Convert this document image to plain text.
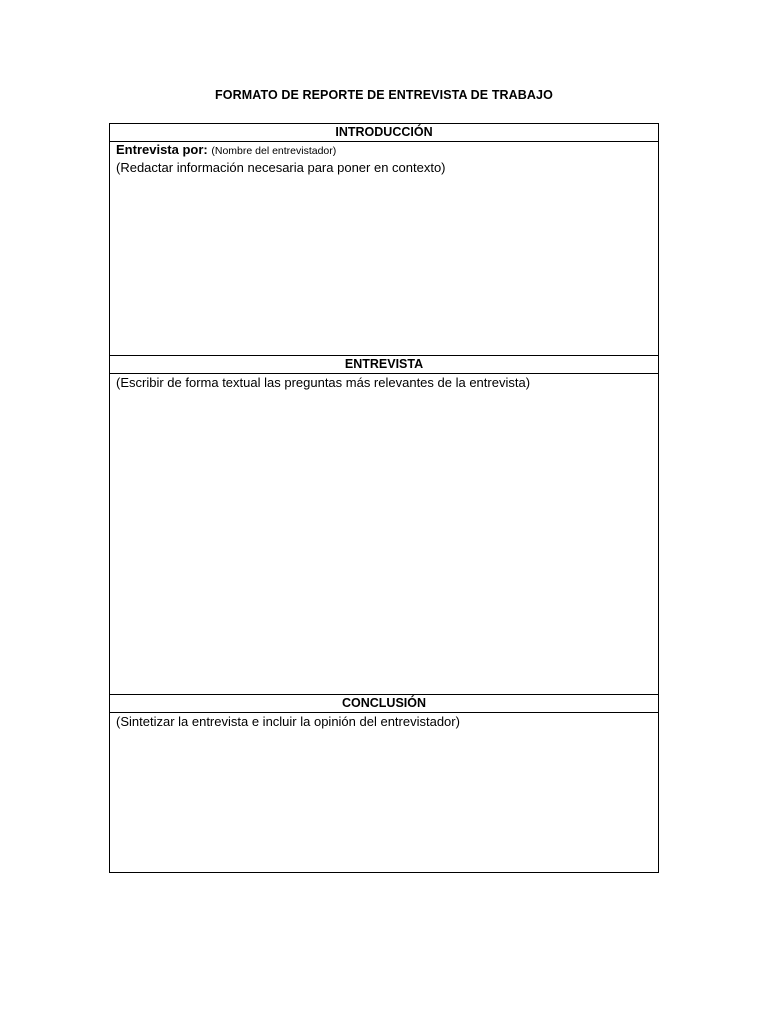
FORMATO DE REPORTE DE ENTREVISTA DE TRABAJO
INTRODUCCIÓN

Entrevista por: (Nombre del entrevistador)
(Redactar información necesaria para poner en contexto)

ENTREVISTA

(Escribir de forma textual las preguntas más relevantes de la entrevista)

CONCLUSIÓN

(Sintetizar la entrevista e incluir la opinión del entrevistador)
